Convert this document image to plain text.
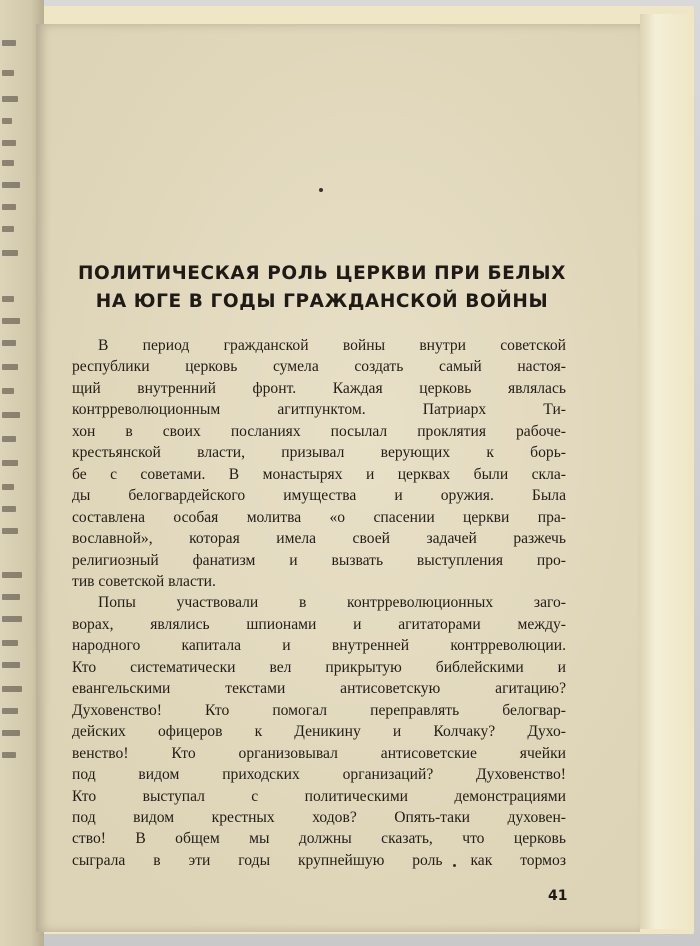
ПОЛИТИЧЕСКАЯ РОЛЬ ЦЕРКВИ ПРИ БЕЛЫХ
НА ЮГЕ В ГОДЫ ГРАЖДАНСКОЙ ВОЙНЫ
В период гражданской войны внутри советской
республики церковь сумела создать самый настоя-
щий внутренний фронт. Каждая церковь являлась
контрреволюционным агитпунктом. Патриарх Ти-
хон в своих посланиях посылал проклятия рабоче-
крестьянской власти, призывал верующих к борь-
бе с советами. В монастырях и церквах были скла-
ды белогвардейского имущества и оружия. Была
составлена особая молитва «о спасении церкви пра-
вославной», которая имела своей задачей разжечь
религиозный фанатизм и вызвать выступления про-
тив советской власти.
Попы участвовали в контрреволюционных заго-
ворах, являлись шпионами и агитаторами между-
народного капитала и внутренней контрреволюции.
Кто систематически вел прикрытую библейскими и
евангельскими текстами антисоветскую агитацию?
Духовенство! Кто помогал переправлять белогвар-
дейских офицеров к Деникину и Колчаку? Духо-
венство! Кто организовывал антисоветские ячейки
под видом приходских организаций? Духовенство!
Кто выступал с политическими демонстрациями
под видом крестных ходов? Опять-таки духовен-
ство! В общем мы должны сказать, что церковь
сыграла в эти годы крупнейшую роль как тормоз
41
